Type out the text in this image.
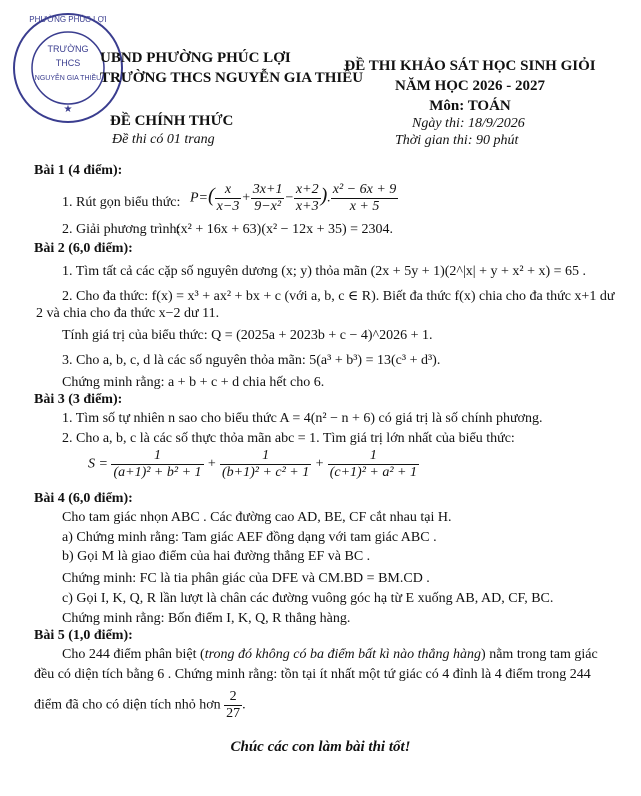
TRƯỜNG
THCS
NGUYỄN GIA THIỀU
PHƯỜNG PHÚC LỢI
★
UBND PHƯỜNG PHÚC LỢI
TRƯỜNG THCS NGUYỄN GIA THIỀU
ĐỀ THI KHẢO SÁT HỌC SINH GIỎI
NĂM HỌC 2026 - 2027
Môn: TOÁN
ĐỀ CHÍNH THỨC
Đề thi có 01 trang
Ngày thi: 18/9/2026
Thời gian thi: 90 phút
Bài 1 (4 điểm):
1. Rút gọn biểu thức: $P=( \frac{x}{x-3} + \frac{3x+1}{\text{9−x²}} - \frac{x+2}{x+3}$ ). $\frac{\text{x² − 6x + 9}}{x + 5}$
2. Giải phương trình:
(x² + 16x + 63)(x² − 12x + 35) = 2304.
Bài 2 (6,0 điểm):
1. Tìm tất cả các cặp số nguyên dương (x; y) thỏa mãn (2x + 5y + 1)(2^|x| + y + x² + x) = 65 .
2. Cho đa thức: f(x) = x³ + ax² + bx + c (với a, b, c ∈ R). Biết đa thức f(x) chia cho đa thức x+1 dư
2 và chia cho đa thức x−2 dư 11.
Tính giá trị của biểu thức: Q = (2025a + 2023b + c − 4)^2026 + 1.
3. Cho a, b, c, d là các số nguyên thỏa mãn: 5(a³ + b³) = 13(c³ + d³).
Chứng minh rằng: a + b + c + d chia hết cho 6.
Bài 3 (3 điểm):
1. Tìm số tự nhiên n sao cho biểu thức A = 4(n² − n + 6) có giá trị là số chính phương.
2. Cho a, b, c là các số thực thỏa mãn abc = 1. Tìm giá trị lớn nhất của biểu thức:
$S = \frac{1}{\text{(a+1)² + b² + 1}} + \frac{1}{\text{(b+1)² + c² + 1}} + \frac{1}{\text{(c+1)² + a² + 1}}$
Bài 4 (6,0 điểm):
Cho tam giác nhọn ABC . Các đường cao AD, BE, CF cắt nhau tại H.
a) Chứng minh rằng: Tam giác AEF đồng dạng với tam giác ABC .
b) Gọi M là giao điểm của hai đường thẳng EF và BC .
Chứng minh: FC là tia phân giác của DFE và CM.BD = BM.CD .
c) Gọi I, K, Q, R lần lượt là chân các đường vuông góc hạ từ E xuống AB, AD, CF, BC.
Chứng minh rằng: Bốn điểm I, K, Q, R thẳng hàng.
Bài 5 (1,0 điểm):
Cho 244 điểm phân biệt (trong đó không có ba điểm bất kì nào thẳng hàng) nằm trong tam giác
đều có diện tích bằng 6 . Chứng minh rằng: tồn tại ít nhất một tứ giác có 4 đỉnh là 4 điểm trong 244
điểm đã cho có diện tích nhỏ hơn $\frac{2}{27}$ .
Chúc các con làm bài thi tốt!
